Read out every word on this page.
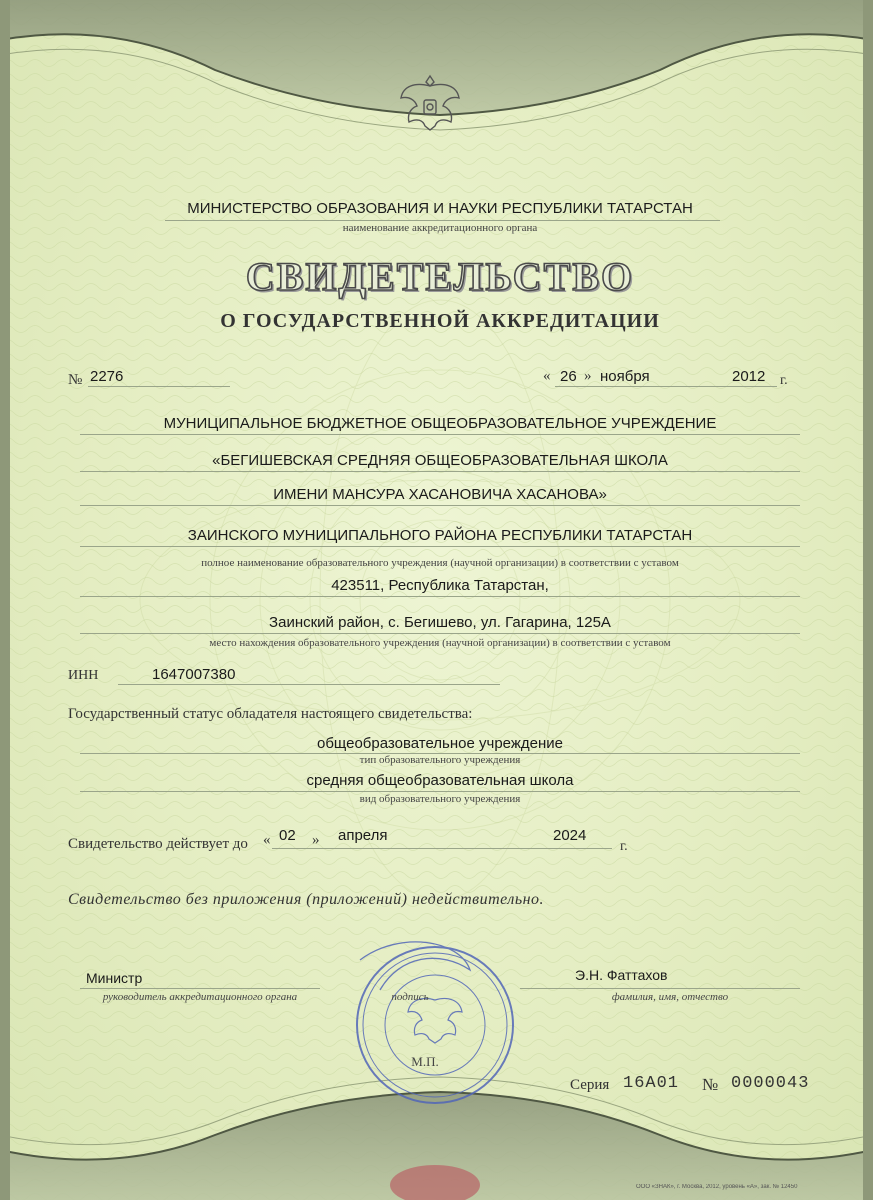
МИНИСТЕРСТВО ОБРАЗОВАНИЯ И НАУКИ РЕСПУБЛИКИ ТАТАРСТАН
наименование аккредитационного органа
СВИДЕТЕЛЬСТВО
О ГОСУДАРСТВЕННОЙ АККРЕДИТАЦИИ
№ 2276	« 26 » ноября	2012 г.
МУНИЦИПАЛЬНОЕ БЮДЖЕТНОЕ ОБЩЕОБРАЗОВАТЕЛЬНОЕ УЧРЕЖДЕНИЕ
«БЕГИШЕВСКАЯ СРЕДНЯЯ ОБЩЕОБРАЗОВАТЕЛЬНАЯ ШКОЛА
ИМЕНИ МАНСУРА ХАСАНОВИЧА ХАСАНОВА»
ЗАИНСКОГО МУНИЦИПАЛЬНОГО РАЙОНА РЕСПУБЛИКИ ТАТАРСТАН
полное наименование образовательного учреждения (научной организации) в соответствии с уставом
423511, Республика Татарстан,
Заинский район, с. Бегишево, ул. Гагарина, 125А
место нахождения образовательного учреждения (научной организации) в соответствии с уставом
ИНН	1647007380
Государственный статус обладателя настоящего свидетельства:
общеобразовательное учреждение
тип образовательного учреждения
средняя общеобразовательная школа
вид образовательного учреждения
Свидетельство действует до « 02 » апреля	2024
г.
Свидетельство без приложения (приложений) недействительно.
Министр
руководитель аккредитационного органа	подпись
Э.Н. Фаттахов
фамилия, имя, отчество
М.П.
Серия 16А01 № 0000043
ООО «ЗНАК», г. Москва, 2012, уровень «А», зак. № 12450
